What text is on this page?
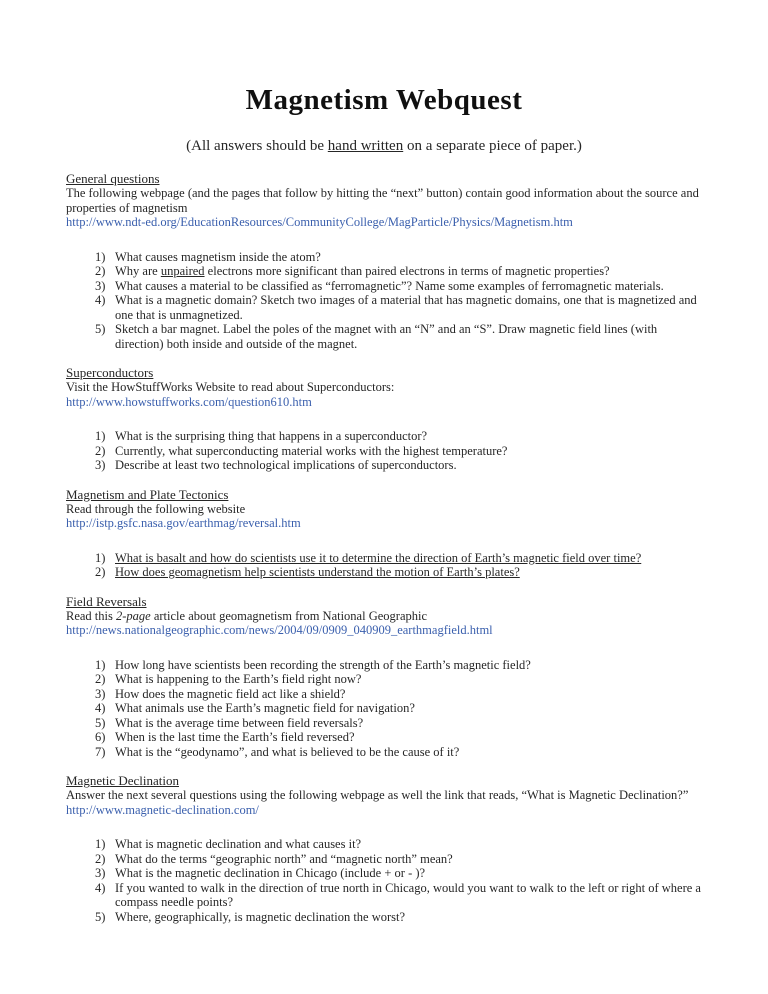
Magnetism Webquest
(All answers should be hand written on a separate piece of paper.)
General questions
The following webpage (and the pages that follow by hitting the “next” button) contain good information about the source and properties of magnetism
http://www.ndt-ed.org/EducationResources/CommunityCollege/MagParticle/Physics/Magnetism.htm
What causes magnetism inside the atom?
Why are unpaired electrons more significant than paired electrons in terms of magnetic properties?
What causes a material to be classified as “ferromagnetic”? Name some examples of ferromagnetic materials.
What is a magnetic domain? Sketch two images of a material that has magnetic domains, one that is magnetized and one that is unmagnetized.
Sketch a bar magnet. Label the poles of the magnet with an “N” and an “S”. Draw magnetic field lines (with direction) both inside and outside of the magnet.
Superconductors
Visit the HowStuffWorks Website to read about Superconductors:
http://www.howstuffworks.com/question610.htm
What is the surprising thing that happens in a superconductor?
Currently, what superconducting material works with the highest temperature?
Describe at least two technological implications of superconductors.
Magnetism and Plate Tectonics
Read through the following website
http://istp.gsfc.nasa.gov/earthmag/reversal.htm
What is basalt and how do scientists use it to determine the direction of Earth’s magnetic field over time?
How does geomagnetism help scientists understand the motion of Earth’s plates?
Field Reversals
Read this 2-page article about geomagnetism from National Geographic
http://news.nationalgeographic.com/news/2004/09/0909_040909_earthmagfield.html
How long have scientists been recording the strength of the Earth’s magnetic field?
What is happening to the Earth’s field right now?
How does the magnetic field act like a shield?
What animals use the Earth’s magnetic field for navigation?
What is the average time between field reversals?
When is the last time the Earth’s field reversed?
What is the “geodynamo”, and what is believed to be the cause of it?
Magnetic Declination
Answer the next several questions using the following webpage as well the link that reads, “What is Magnetic Declination?”
http://www.magnetic-declination.com/
What is magnetic declination and what causes it?
What do the terms “geographic north” and “magnetic north” mean?
What is the magnetic declination in Chicago (include + or - )?
If you wanted to walk in the direction of true north in Chicago, would you want to walk to the left or right of where a compass needle points?
Where, geographically, is magnetic declination the worst?
